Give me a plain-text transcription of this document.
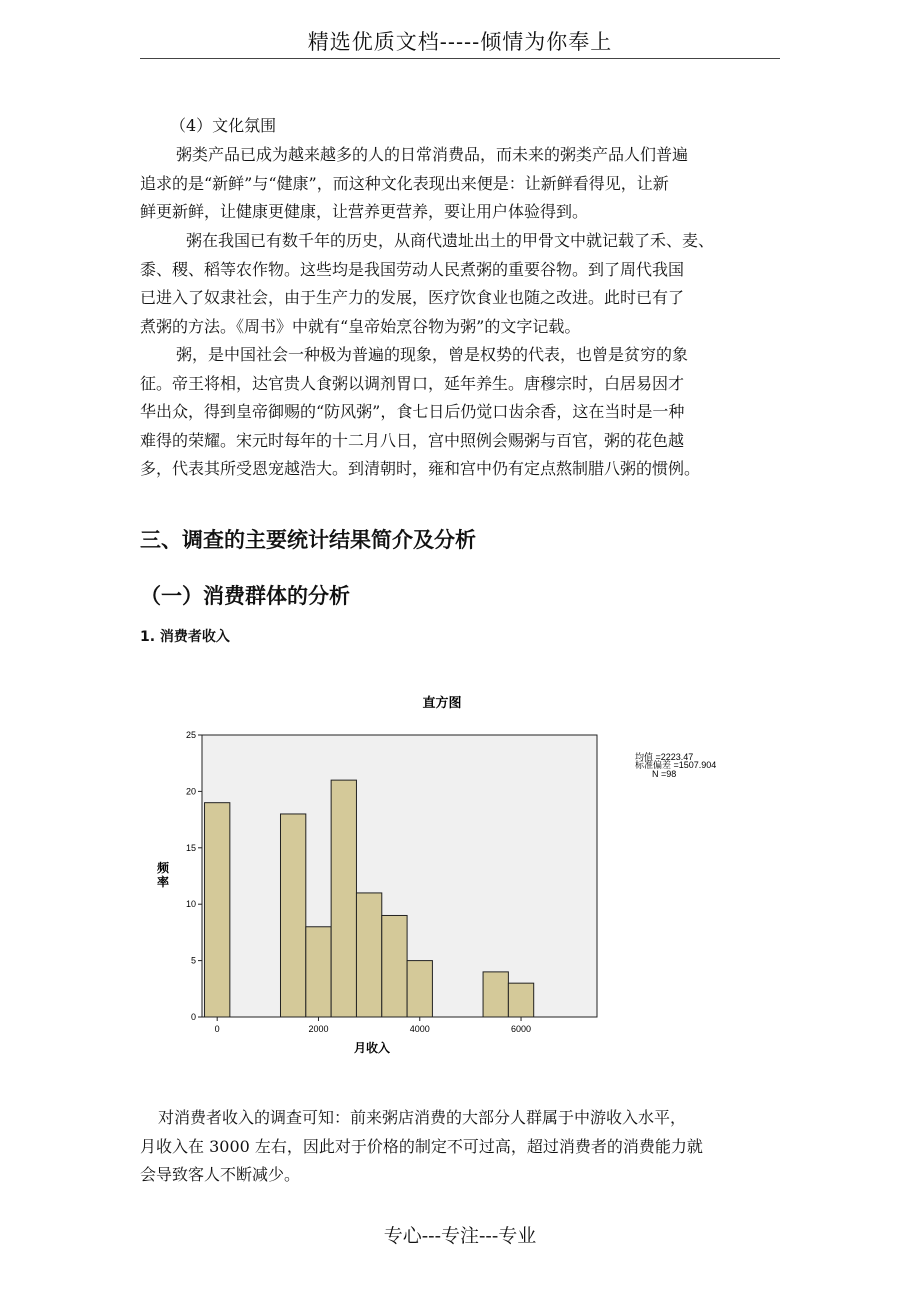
精选优质文档-----倾情为你奉上
（4）文化氛围
粥类产品已成为越来越多的人的日常消费品，而未来的粥类产品人们普遍
追求的是“新鲜”与“健康”，而这种文化表现出来便是：让新鲜看得见，让新
鲜更新鲜，让健康更健康，让营养更营养，要让用户体验得到。
粥在我国已有数千年的历史，从商代遗址出土的甲骨文中就记载了禾、麦、
黍、稷、稻等农作物。这些均是我国劳动人民煮粥的重要谷物。到了周代我国
已进入了奴隶社会，由于生产力的发展，医疗饮食业也随之改进。此时已有了
煮粥的方法。《周书》中就有“皇帝始烹谷物为粥”的文字记载。
粥，是中国社会一种极为普遍的现象，曾是权势的代表，也曾是贫穷的象
征。帝王将相，达官贵人食粥以调剂胃口，延年养生。唐穆宗时，白居易因才
华出众，得到皇帝御赐的“防风粥”，食七日后仍觉口齿余香，这在当时是一种
难得的荣耀。宋元时每年的十二月八日，宫中照例会赐粥与百官，粥的花色越
多，代表其所受恩宠越浩大。到清朝时，雍和宫中仍有定点熬制腊八粥的惯例。
三、调查的主要统计结果简介及分析
（一）消费群体的分析
1. 消费者收入
直方图
0
5
10
15
20
25
0	2000	4000	6000
频率
月收入
均值 =2223.47
标准偏差 =1507.904
N =98
对消费者收入的调查可知：前来粥店消费的大部分人群属于中游收入水平，
月收入在 3000 左右，因此对于价格的制定不可过高，超过消费者的消费能力就
会导致客人不断减少。
专心---专注---专业
